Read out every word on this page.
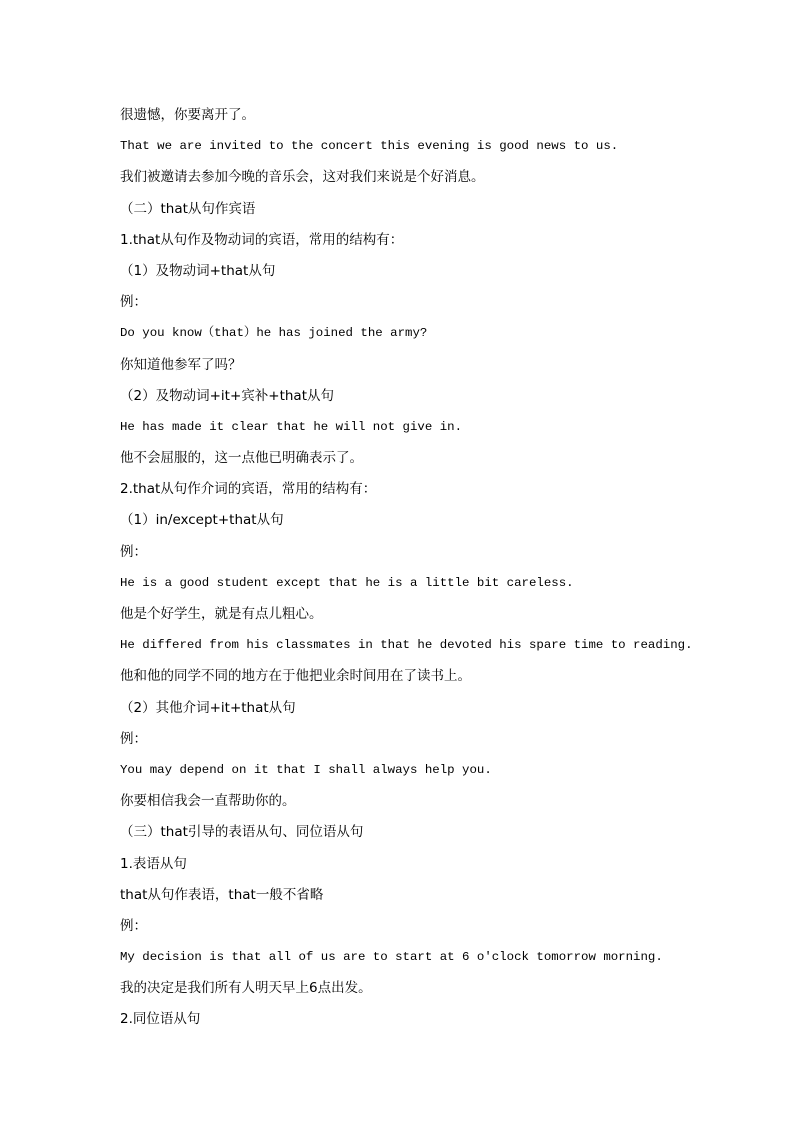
很遗憾，你要离开了。
That we are invited to the concert this evening is good news to us.
我们被邀请去参加今晚的音乐会，这对我们来说是个好消息。
（二）that从句作宾语
1.that从句作及物动词的宾语，常用的结构有：
（1）及物动词+that从句
例：
Do you know（that）he has joined the army?
你知道他参军了吗？
（2）及物动词+it+宾补+that从句
He has made it clear that he will not give in.
他不会屈服的，这一点他已明确表示了。
2.that从句作介词的宾语，常用的结构有：
（1）in/except+that从句
例：
He is a good student except that he is a little bit careless.
他是个好学生，就是有点儿粗心。
He differed from his classmates in that he devoted his spare time to reading.
他和他的同学不同的地方在于他把业余时间用在了读书上。
（2）其他介词+it+that从句
例：
You may depend on it that I shall always help you.
你要相信我会一直帮助你的。
（三）that引导的表语从句、同位语从句
1.表语从句
that从句作表语，that一般不省略
例：
My decision is that all of us are to start at 6 o'clock tomorrow morning.
我的决定是我们所有人明天早上6点出发。
2.同位语从句
